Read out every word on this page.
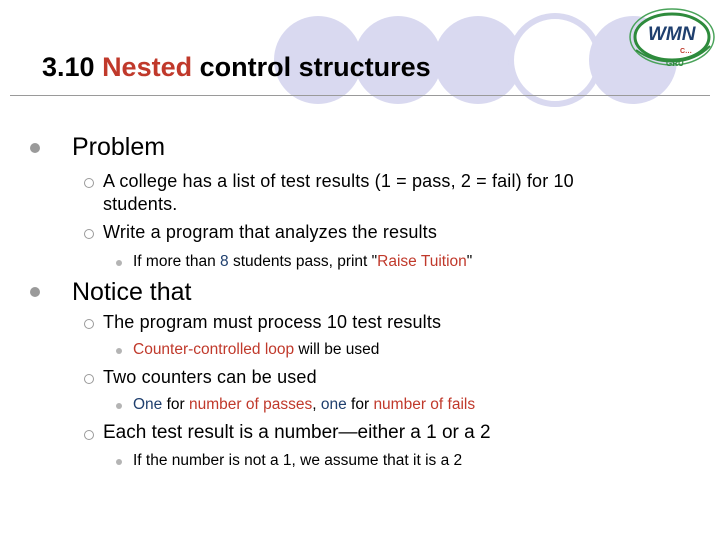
WMN
C…
GRU
3.10 Nested control structures
Problem
A college has a list of test results (1 = pass, 2 = fail) for 10
students.
Write a program that analyzes the results
If more than 8 students pass, print "Raise Tuition"
Notice that
The program must process 10 test results
Counter-controlled loop will be used
Two counters can be used
One for number of passes, one for number of fails
Each test result is a number—either a 1 or a 2
If the number is not a 1, we assume that it is a 2
